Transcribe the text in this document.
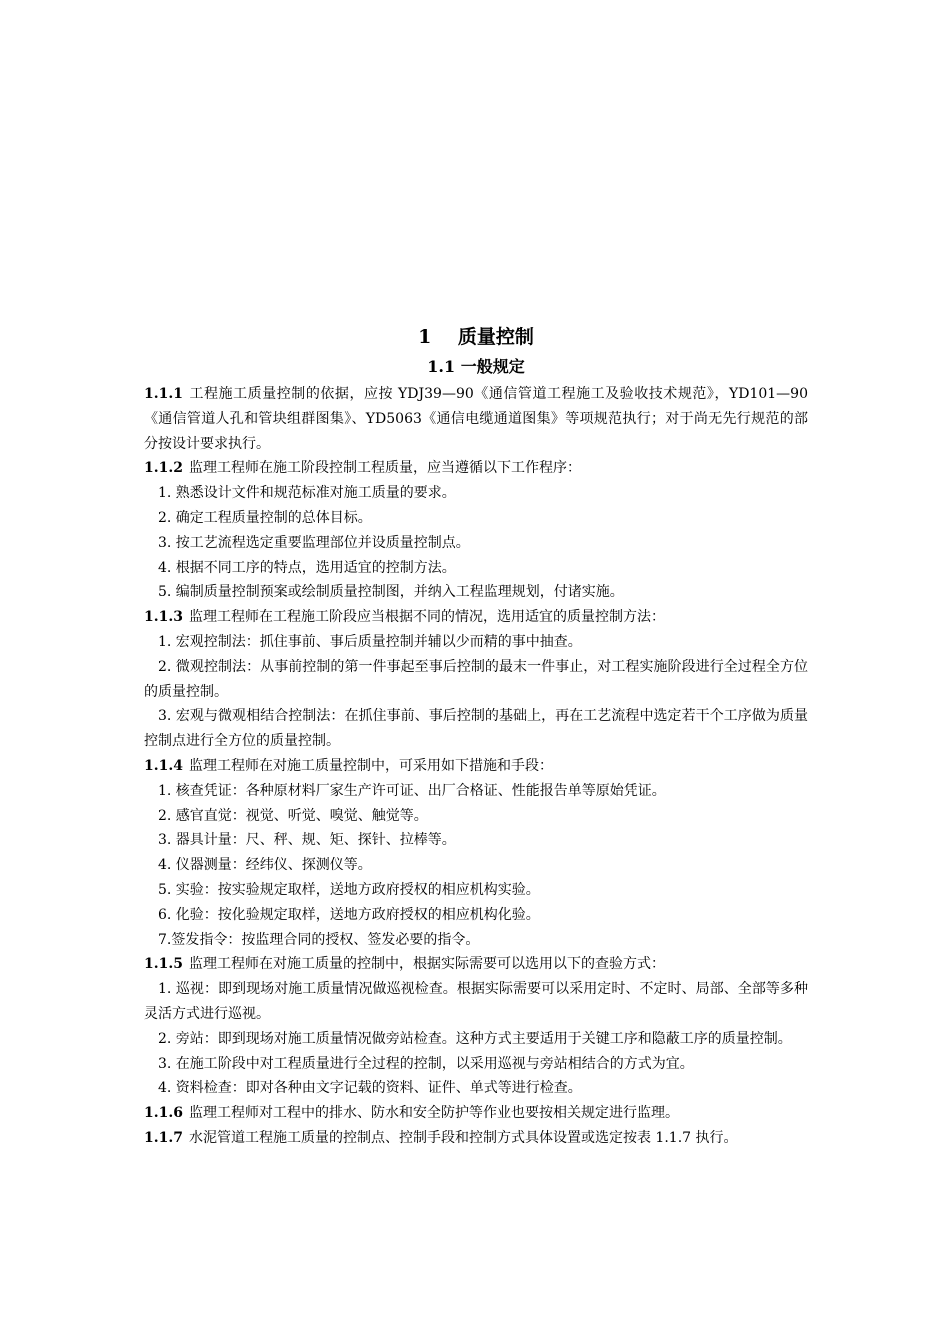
1    质量控制
1.1 一般规定

1.1.1 工程施工质量控制的依据，应按 YDJ39—90《通信管道工程施工及验收技术规范》，YD101—90《通信管道人孔和管块组群图集》、YD5063《通信电缆通道图集》等项规范执行；对于尚无先行规范的部分按设计要求执行。

1.1.2 监理工程师在施工阶段控制工程质量，应当遵循以下工作程序：

1. 熟悉设计文件和规范标准对施工质量的要求。

2. 确定工程质量控制的总体目标。

3. 按工艺流程选定重要监理部位并设质量控制点。

4. 根据不同工序的特点，选用适宜的控制方法。

5. 编制质量控制预案或绘制质量控制图，并纳入工程监理规划，付诸实施。

1.1.3 监理工程师在工程施工阶段应当根据不同的情况，选用适宜的质量控制方法：

1. 宏观控制法：抓住事前、事后质量控制并辅以少而精的事中抽查。

2. 微观控制法：从事前控制的第一件事起至事后控制的最末一件事止，对工程实施阶段进行全过程全方位的质量控制。

3. 宏观与微观相结合控制法：在抓住事前、事后控制的基础上，再在工艺流程中选定若干个工序做为质量控制点进行全方位的质量控制。

1.1.4 监理工程师在对施工质量控制中，可采用如下措施和手段：

1. 核查凭证：各种原材料厂家生产许可证、出厂合格证、性能报告单等原始凭证。

2. 感官直觉：视觉、听觉、嗅觉、触觉等。

3. 器具计量：尺、秤、规、矩、探针、拉棒等。

4. 仪器测量：经纬仪、探测仪等。

5. 实验：按实验规定取样，送地方政府授权的相应机构实验。

6. 化验：按化验规定取样，送地方政府授权的相应机构化验。

7.签发指令：按监理合同的授权、签发必要的指令。

1.1.5 监理工程师在对施工质量的控制中，根据实际需要可以选用以下的查验方式：

1. 巡视：即到现场对施工质量情况做巡视检查。根据实际需要可以采用定时、不定时、局部、全部等多种灵活方式进行巡视。

2. 旁站：即到现场对施工质量情况做旁站检查。这种方式主要适用于关键工序和隐蔽工序的质量控制。

3. 在施工阶段中对工程质量进行全过程的控制，以采用巡视与旁站相结合的方式为宜。

4. 资料检查：即对各种由文字记载的资料、证件、单式等进行检查。

1.1.6 监理工程师对工程中的排水、防水和安全防护等作业也要按相关规定进行监理。

1.1.7 水泥管道工程施工质量的控制点、控制手段和控制方式具体设置或选定按表 1.1.7 执行。
